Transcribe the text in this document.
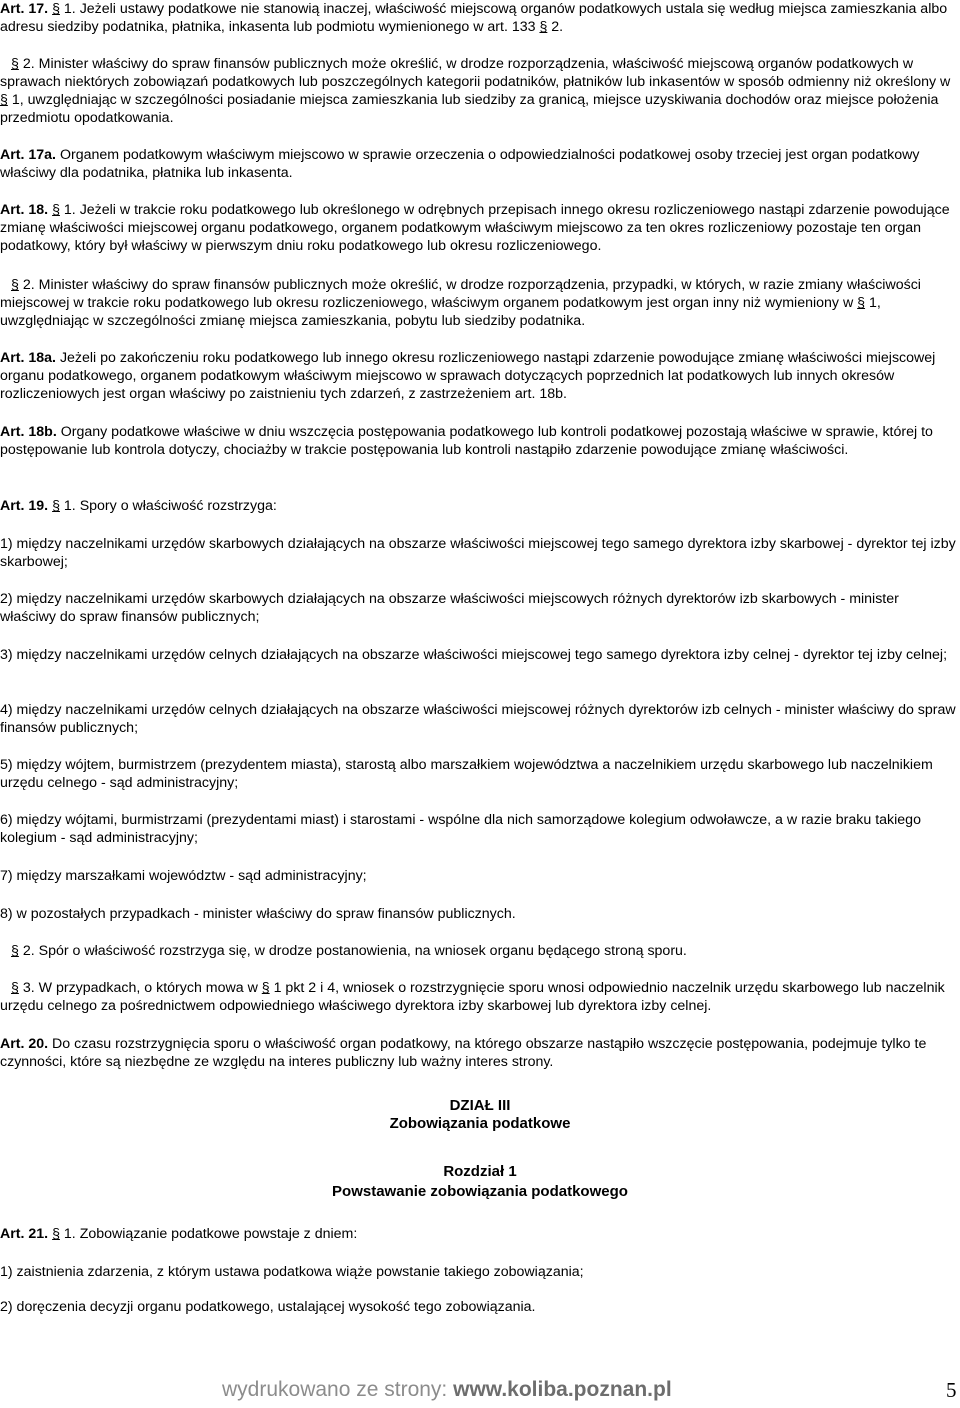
Art. 17. § 1. Jeżeli ustawy podatkowe nie stanowią inaczej, właściwość miejscową organów podatkowych ustala się według miejsca zamieszkania albo adresu siedziby podatnika, płatnika, inkasenta lub podmiotu wymienionego w art. 133 § 2.

§ 2. Minister właściwy do spraw finansów publicznych może określić, w drodze rozporządzenia, właściwość miejscową organów podatkowych w sprawach niektórych zobowiązań podatkowych lub poszczególnych kategorii podatników, płatników lub inkasentów w sposób odmienny niż określony w § 1, uwzględniając w szczególności posiadanie miejsca zamieszkania lub siedziby za granicą, miejsce uzyskiwania dochodów oraz miejsce położenia przedmiotu opodatkowania.

Art. 17a. Organem podatkowym właściwym miejscowo w sprawie orzeczenia o odpowiedzialności podatkowej osoby trzeciej jest organ podatkowy właściwy dla podatnika, płatnika lub inkasenta.

Art. 18. § 1. Jeżeli w trakcie roku podatkowego lub określonego w odrębnych przepisach innego okresu rozliczeniowego nastąpi zdarzenie powodujące zmianę właściwości miejscowej organu podatkowego, organem podatkowym właściwym miejscowo za ten okres rozliczeniowy pozostaje ten organ podatkowy, który był właściwy w pierwszym dniu roku podatkowego lub okresu rozliczeniowego.

§ 2. Minister właściwy do spraw finansów publicznych może określić, w drodze rozporządzenia, przypadki, w których, w razie zmiany właściwości miejscowej w trakcie roku podatkowego lub okresu rozliczeniowego, właściwym organem podatkowym jest organ inny niż wymieniony w § 1, uwzględniając w szczególności zmianę miejsca zamieszkania, pobytu lub siedziby podatnika.

Art. 18a. Jeżeli po zakończeniu roku podatkowego lub innego okresu rozliczeniowego nastąpi zdarzenie powodujące zmianę właściwości miejscowej organu podatkowego, organem podatkowym właściwym miejscowo w sprawach dotyczących poprzednich lat podatkowych lub innych okresów rozliczeniowych jest organ właściwy po zaistnieniu tych zdarzeń, z zastrzeżeniem art. 18b.

Art. 18b. Organy podatkowe właściwe w dniu wszczęcia postępowania podatkowego lub kontroli podatkowej pozostają właściwe w sprawie, której to postępowanie lub kontrola dotyczy, chociażby w trakcie postępowania lub kontroli nastąpiło zdarzenie powodujące zmianę właściwości.

Art. 19. § 1. Spory o właściwość rozstrzyga:

1) między naczelnikami urzędów skarbowych działających na obszarze właściwości miejscowej tego samego dyrektora izby skarbowej - dyrektor tej izby skarbowej;

2) między naczelnikami urzędów skarbowych działających na obszarze właściwości miejscowych różnych dyrektorów izb skarbowych - minister właściwy do spraw finansów publicznych;

3) między naczelnikami urzędów celnych działających na obszarze właściwości miejscowej tego samego dyrektora izby celnej - dyrektor tej izby celnej;

4) między naczelnikami urzędów celnych działających na obszarze właściwości miejscowej różnych dyrektorów izb celnych - minister właściwy do spraw finansów publicznych;

5) między wójtem, burmistrzem (prezydentem miasta), starostą albo marszałkiem województwa a naczelnikiem urzędu skarbowego lub naczelnikiem urzędu celnego - sąd administracyjny;

6) między wójtami, burmistrzami (prezydentami miast) i starostami - wspólne dla nich samorządowe kolegium odwoławcze, a w razie braku takiego kolegium - sąd administracyjny;

7) między marszałkami województw - sąd administracyjny;

8) w pozostałych przypadkach - minister właściwy do spraw finansów publicznych.

§ 2. Spór o właściwość rozstrzyga się, w drodze postanowienia, na wniosek organu będącego stroną sporu.

§ 3. W przypadkach, o których mowa w § 1 pkt 2 i 4, wniosek o rozstrzygnięcie sporu wnosi odpowiednio naczelnik urzędu skarbowego lub naczelnik urzędu celnego za pośrednictwem odpowiedniego właściwego dyrektora izby skarbowej lub dyrektora izby celnej.

Art. 20. Do czasu rozstrzygnięcia sporu o właściwość organ podatkowy, na którego obszarze nastąpiło wszczęcie postępowania, podejmuje tylko te czynności, które są niezbędne ze względu na interes publiczny lub ważny interes strony.

DZIAŁ III
Zobowiązania podatkowe
Rozdział 1
Powstawanie zobowiązania podatkowego

Art. 21. § 1. Zobowiązanie podatkowe powstaje z dniem:

1) zaistnienia zdarzenia, z którym ustawa podatkowa wiąże powstanie takiego zobowiązania;

2) doręczenia decyzji organu podatkowego, ustalającej wysokość tego zobowiązania.

wydrukowano ze strony: www.koliba.poznan.pl	5
